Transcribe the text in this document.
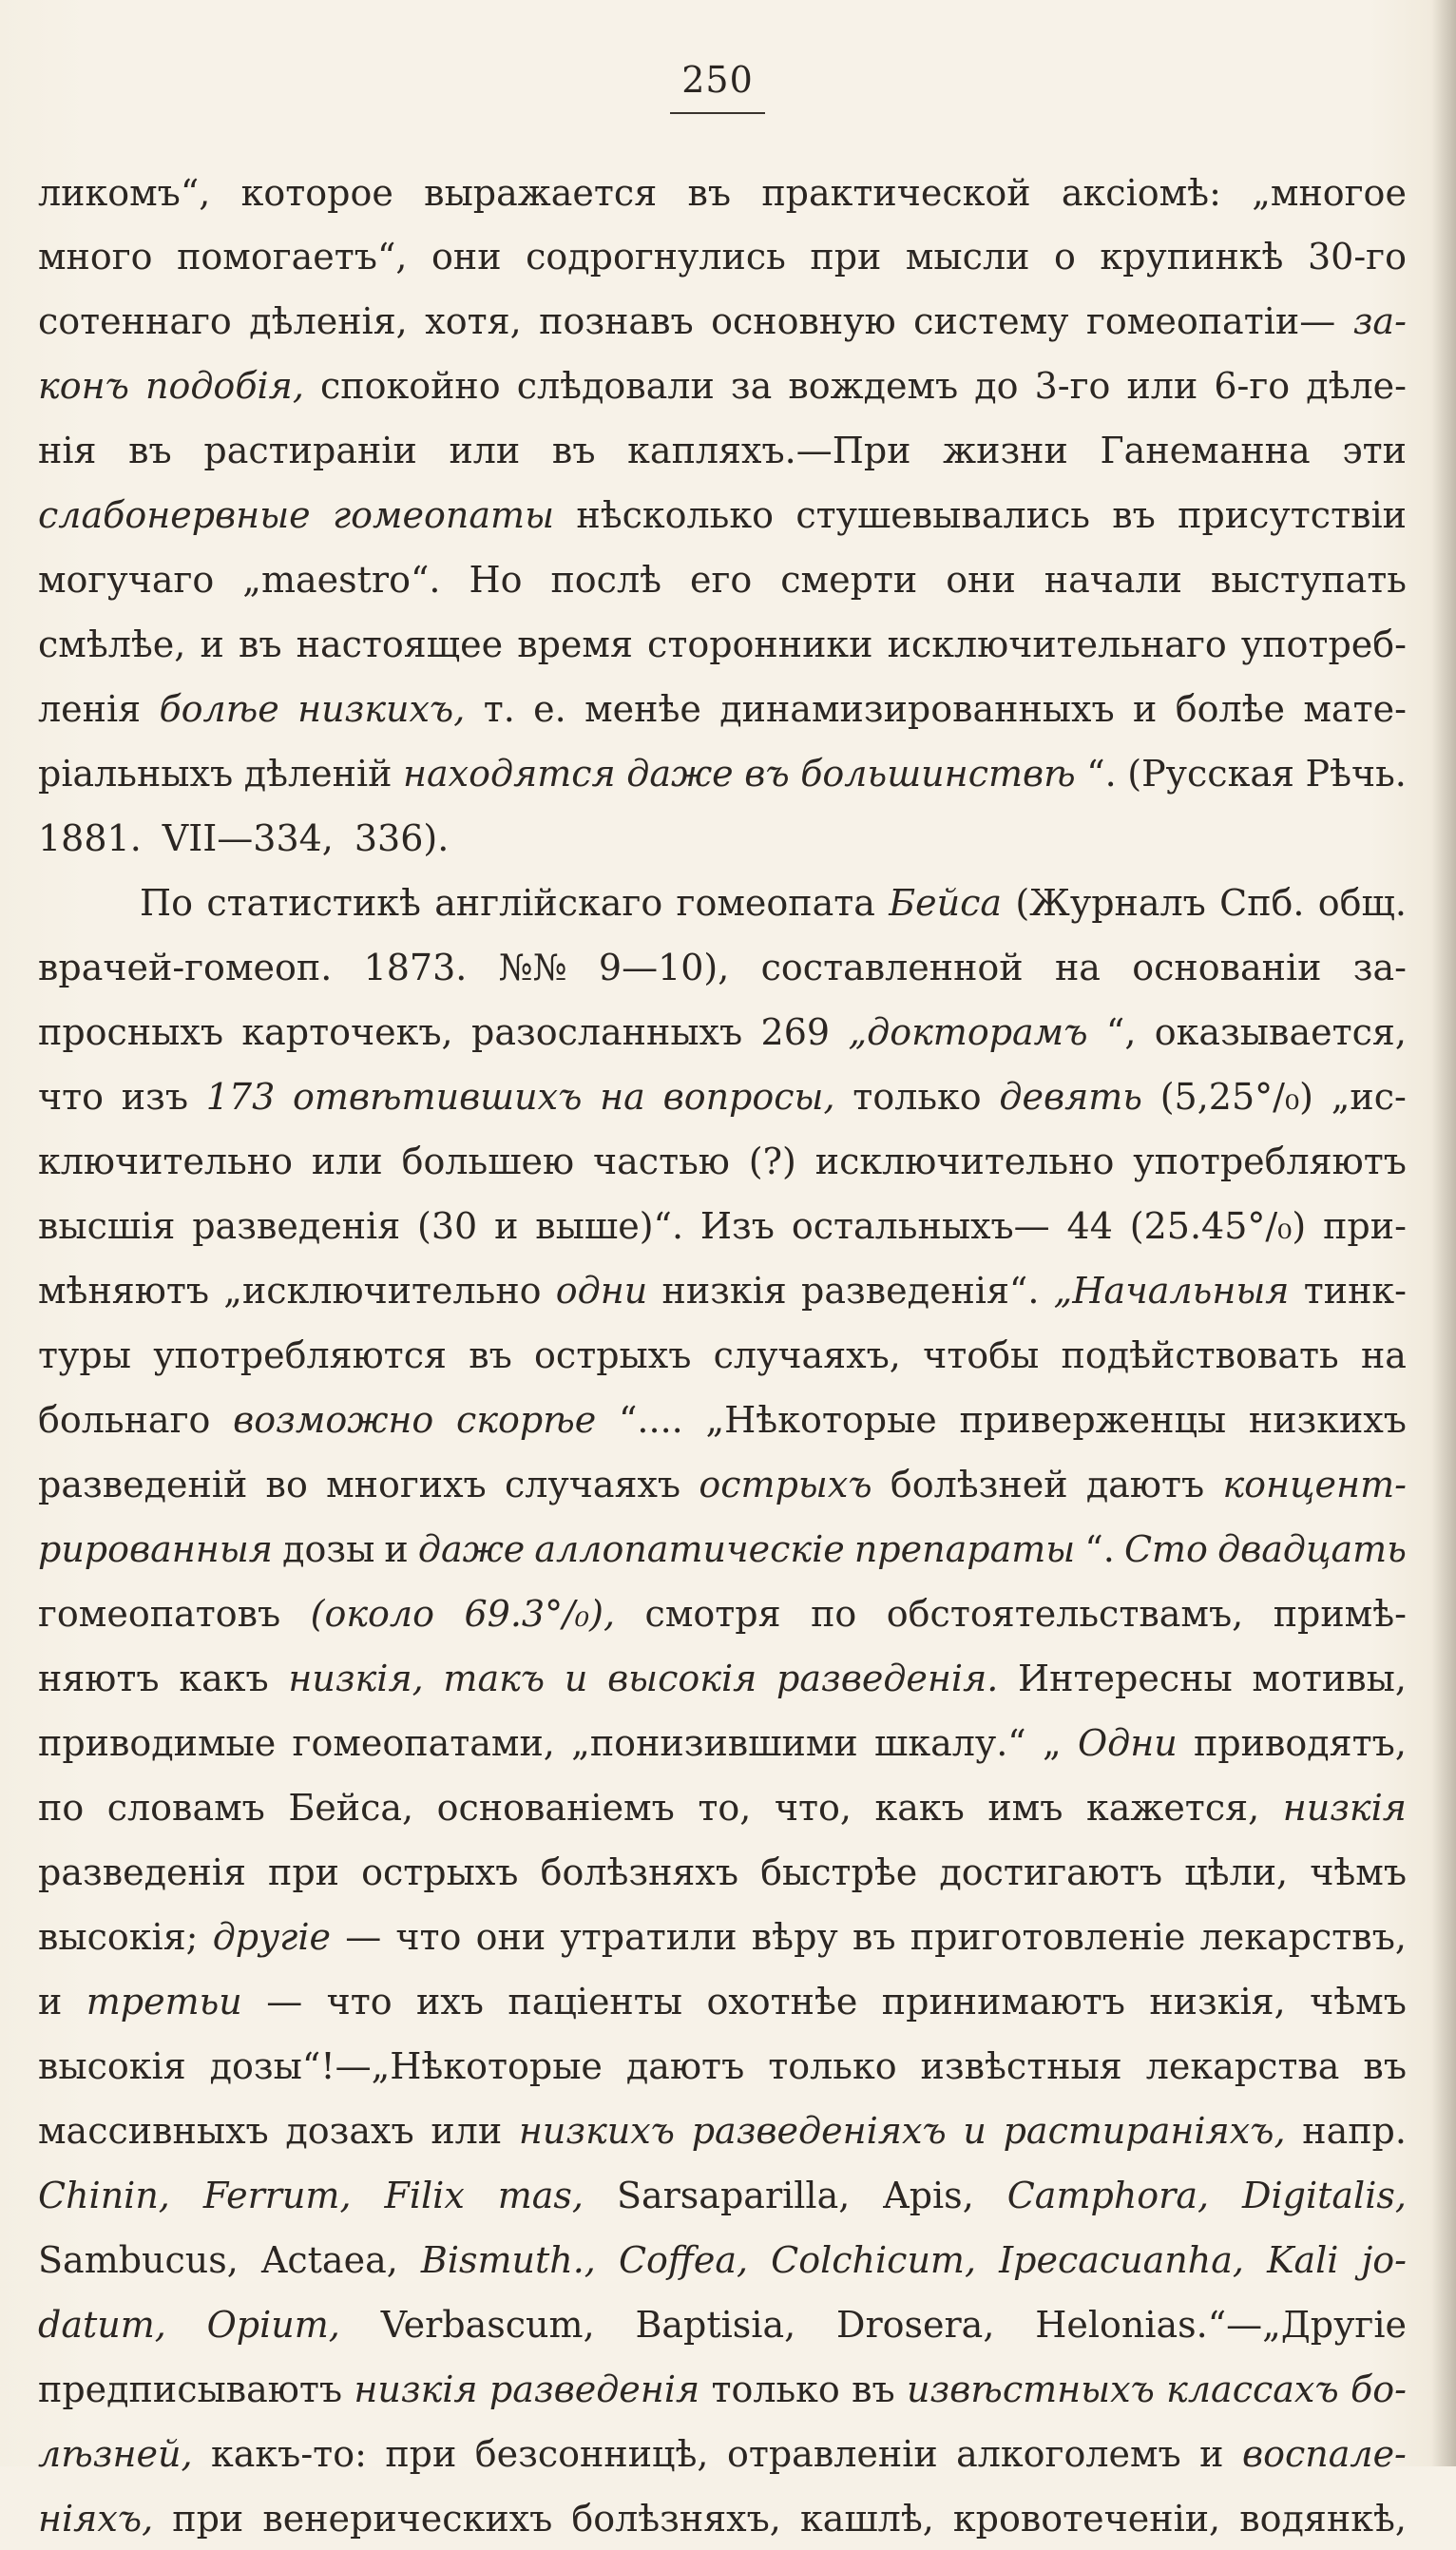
250
ликомъ“, которое выражается въ практической аксіомѣ: „многое
много помогаетъ“, они содрогнулись при мысли о крупинкѣ 30-го
сотеннаго дѣленія, хотя, познавъ основную систему гомеопатіи— за-
конъ подобія, спокойно слѣдовали за вождемъ до 3-го или 6-го дѣле-
нія въ растираніи или въ капляхъ.—При жизни Ганеманна эти
слабонервные гомеопаты нѣсколько стушевывались въ присутствіи
могучаго „maestro“. Но послѣ его смерти они начали выступать
смѣлѣе, и въ настоящее время сторонники исключительнаго употреб-
ленія болѣе низкихъ, т. е. менѣе динамизированныхъ и болѣе мате-
ріальныхъ дѣленій находятся даже въ большинствѣ “. (Русская Рѣчь.
1881. VII—334, 336).
По статистикѣ англійскаго гомеопата Бейса (Журналъ Спб. общ.
врачей-гомеоп. 1873. №№ 9—10), составленной на основаніи за-
просныхъ карточекъ, разосланныхъ 269 „докторамъ “, оказывается,
что изъ 173 отвѣтившихъ на вопросы, только девять (5,25°/₀) „ис-
ключительно или большею частью (?) исключительно употребляютъ
высшія разведенія (30 и выше)“. Изъ остальныхъ— 44 (25.45°/₀) при-
мѣняютъ „исключительно одни низкія разведенія“. „Начальныя тинк-
туры употребляются въ острыхъ случаяхъ, чтобы подѣйствовать на
больнаго возможно скорѣе “.... „Нѣкоторые приверженцы низкихъ
разведеній во многихъ случаяхъ острыхъ болѣзней даютъ концент-
рированныя дозы и даже аллопатическіе препараты “. Сто двадцать
гомеопатовъ (около 69.3°/₀), смотря по обстоятельствамъ, примѣ-
няютъ какъ низкія, такъ и высокія разведенія. Интересны мотивы,
приводимые гомеопатами, „понизившими шкалу.“ „ Одни приводятъ,
по словамъ Бейса, основаніемъ то, что, какъ имъ кажется, низкія
разведенія при острыхъ болѣзняхъ быстрѣе достигаютъ цѣли, чѣмъ
высокія; другіе — что они утратили вѣру въ приготовленіе лекарствъ,
и третьи — что ихъ паціенты охотнѣе принимаютъ низкія, чѣмъ
высокія дозы“!—„Нѣкоторые даютъ только извѣстныя лекарства въ
массивныхъ дозахъ или низкихъ разведеніяхъ и растираніяхъ, напр.
Chinin, Ferrum, Filix mas, Sarsaparilla, Apis, Camphora, Digitalis,
Sambucus, Actaea, Bismuth., Coffea, Colchicum, Ipecacuanha, Kali jo-
datum, Opium, Verbascum, Baptisia, Drosera, Helonias.“—„Другіе
предписываютъ низкія разведенія только въ извѣстныхъ классахъ бо-
лѣзней, какъ-то: при безсонницѣ, отравленіи алкоголемъ и воспале-
ніяхъ, при венерическихъ болѣзняхъ, кашлѣ, кровотеченіи, водянкѣ,
